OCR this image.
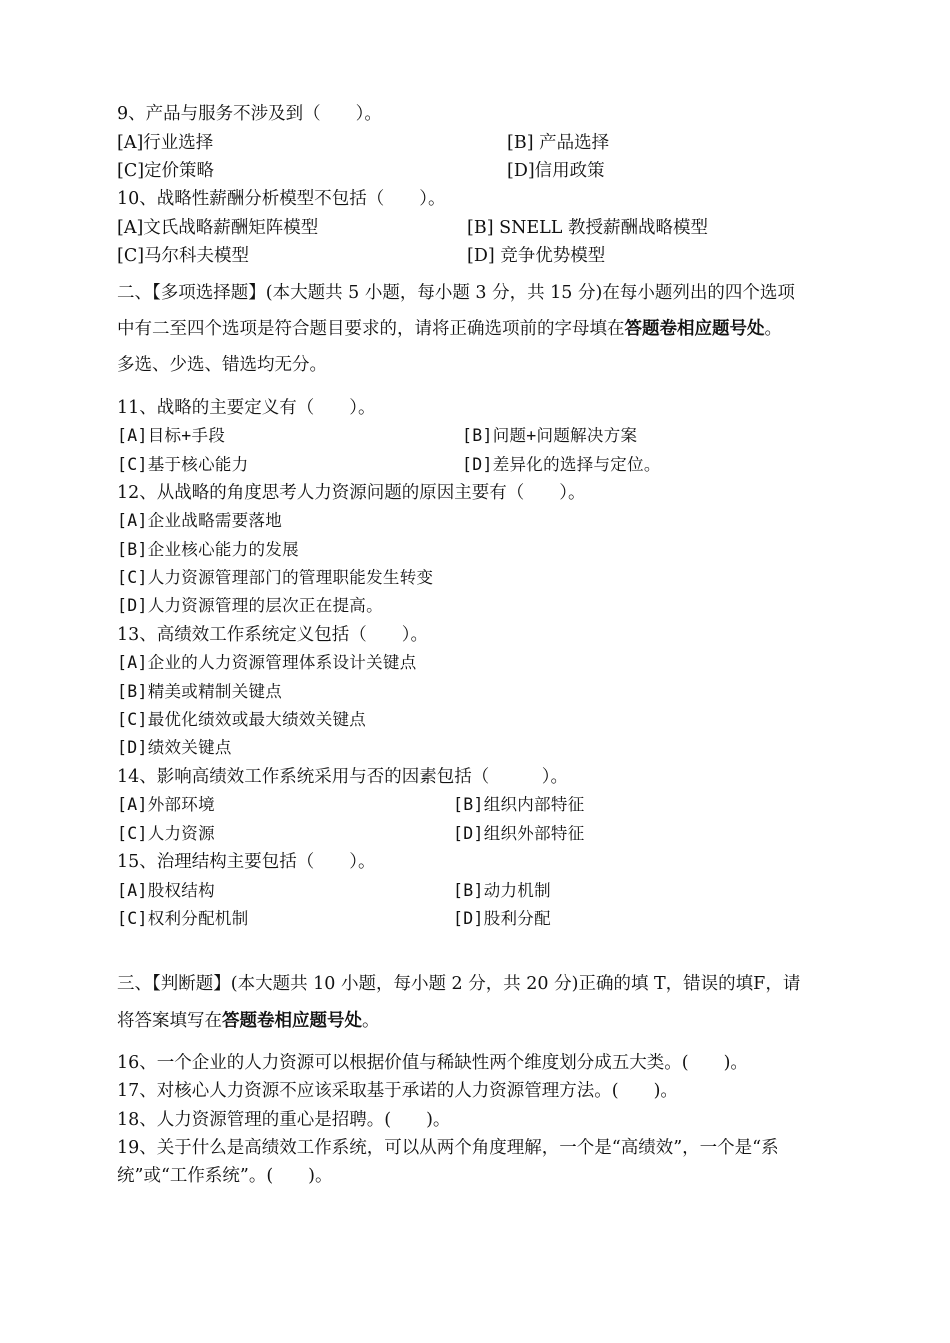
9、产品与服务不涉及到（　　）。
[A]行业选择	[B] 产品选择
[C]定价策略	[D]信用政策
10、战略性薪酬分析模型不包括（　　）。
[A]文氏战略薪酬矩阵模型	[B] SNELL 教授薪酬战略模型
[C]马尔科夫模型	[D] 竞争优势模型
二、【多项选择题】(本大题共 5 小题，每小题 3 分，共 15 分)在每小题列出的四个选项
中有二至四个选项是符合题目要求的，请将正确选项前的字母填在答题卷相应题号处。
多选、少选、错选均无分。
11、战略的主要定义有（　　）。
[A]目标+手段	[B]问题+问题解决方案
[C]基于核心能力	[D]差异化的选择与定位。
12、从战略的角度思考人力资源问题的原因主要有（　　）。
[A]企业战略需要落地
[B]企业核心能力的发展
[C]人力资源管理部门的管理职能发生转变
[D]人力资源管理的层次正在提高。
13、高绩效工作系统定义包括（　　）。
[A]企业的人力资源管理体系设计关键点
[B]精美或精制关键点
[C]最优化绩效或最大绩效关键点
[D]绩效关键点
14、影响高绩效工作系统采用与否的因素包括（　　　）。
[A]外部环境	[B]组织内部特征
[C]人力资源	[D]组织外部特征
15、治理结构主要包括（　　）。
[A]股权结构	[B]动力机制
[C]权利分配机制	[D]股利分配
三、【判断题】(本大题共 10 小题，每小题 2 分，共 20 分)正确的填 T，错误的填F，请
将答案填写在答题卷相应题号处。
16、一个企业的人力资源可以根据价值与稀缺性两个维度划分成五大类。(　　)。
17、对核心人力资源不应该采取基于承诺的人力资源管理方法。(　　)。
18、人力资源管理的重心是招聘。(　　)。
19、关于什么是高绩效工作系统，可以从两个角度理解，一个是“高绩效”，一个是“系
统”或“工作系统”。(　　)。
